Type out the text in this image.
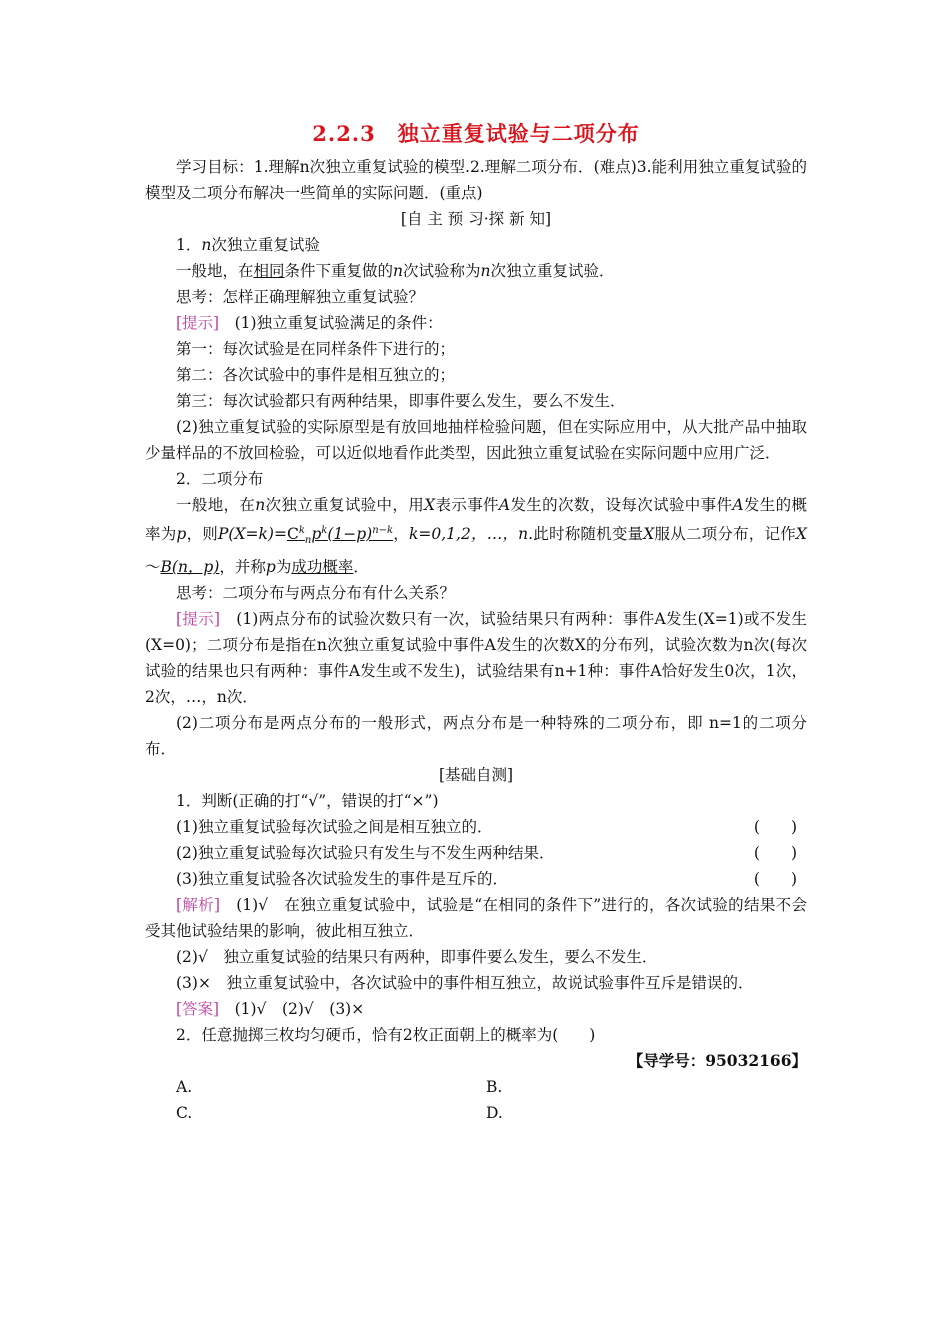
2.2.3　独立重复试验与二项分布

学习目标：1.理解n次独立重复试验的模型.2.理解二项分布．(难点)3.能利用独立重复试验的模型及二项分布解决一些简单的实际问题．(重点)

[自 主 预 习·探 新 知]

1．n次独立重复试验

一般地，在相同条件下重复做的n次试验称为n次独立重复试验．

思考：怎样正确理解独立重复试验？

[提示]　(1)独立重复试验满足的条件：

第一：每次试验是在同样条件下进行的；

第二：各次试验中的事件是相互独立的；

第三：每次试验都只有两种结果，即事件要么发生，要么不发生．

(2)独立重复试验的实际原型是有放回地抽样检验问题，但在实际应用中，从大批产品中抽取少量样品的不放回检验，可以近似地看作此类型，因此独立重复试验在实际问题中应用广泛．

2．二项分布

一般地，在n次独立重复试验中，用X表示事件A发生的次数，设每次试验中事件A发生的概率为p，则$P(X=k)=C^k_np^k(1-p)^{n-k}$，k=0,1,2，…，n.此时称随机变量X服从二项分布，记作X～B(n，p)，并称p为成功概率．

思考：二项分布与两点分布有什么关系？

[提示]　(1)两点分布的试验次数只有一次，试验结果只有两种：事件A发生(X=1)或不发生(X=0)；二项分布是指在n次独立重复试验中事件A发生的次数X的分布列，试验次数为n次(每次试验的结果也只有两种：事件A发生或不发生)，试验结果有n+1种：事件A恰好发生0次，1次，2次，…，n次．

(2)二项分布是两点分布的一般形式，两点分布是一种特殊的二项分布，即 n=1的二项分布．

[基础自测]

1．判断(正确的打“√”，错误的打“×”)

(1)独立重复试验每次试验之间是相互独立的．	(　　)
(2)独立重复试验每次试验只有发生与不发生两种结果．	(　　)
(3)独立重复试验各次试验发生的事件是互斥的．	(　　)

[解析]　(1)√　在独立重复试验中，试验是“在相同的条件下”进行的，各次试验的结果不会受其他试验结果的影响，彼此相互独立．

(2)√　独立重复试验的结果只有两种，即事件要么发生，要么不发生．

(3)×　独立重复试验中，各次试验中的事件相互独立，故说试验事件互斥是错误的．

[答案]　(1)√　(2)√　(3)×

2．任意抛掷三枚均匀硬币，恰有2枚正面朝上的概率为(　　)

【导学号：95032166】
A.	B.
C.	D.
